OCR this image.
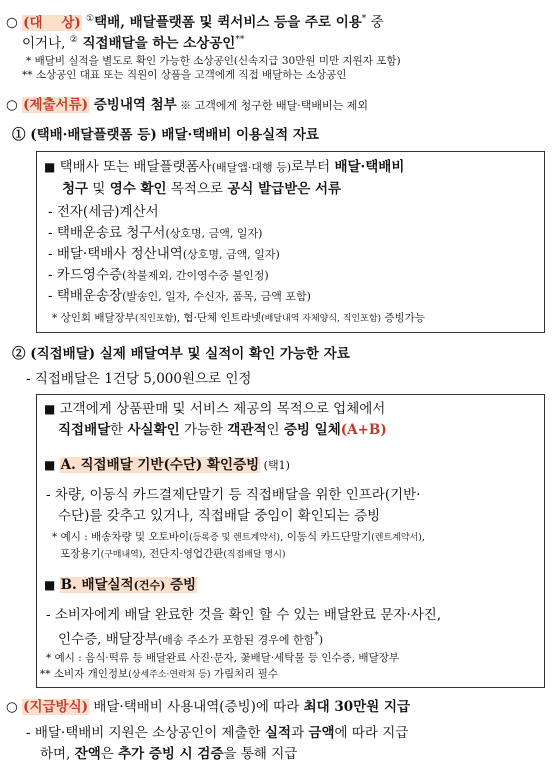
○ (대    상) ①택배, 배달플랫폼 및 퀵서비스 등을 주로 이용* 중
이거나, ② 직접배달을 하는 소상공인**
* 배달비 실적을 별도로 확인 가능한 소상공인(신속지급 30만원 미만 지원자 포함)
** 소상공인 대표 또는 직원이 상품을 고객에게 직접 배달하는 소상공인
○ (제출서류) 증빙내역 첨부 ※ 고객에게 청구한 배달·택배비는 제외
① (택배·배달플랫폼 등) 배달·택배비 이용실적 자료
■ 택배사 또는 배달플랫폼사(배달앱·대행 등)로부터 배달·택배비
청구 및 영수 확인 목적으로 공식 발급받은 서류
- 전자(세금)계산서
- 택배운송료 청구서(상호명, 금액, 일자)
- 배달·택배사 정산내역(상호명, 금액, 일자)
- 카드영수증(착불제외, 간이영수증 불인정)
- 택배운송장(발송인, 일자, 수신자, 품목, 금액 포함)
* 상인회 배달장부(직인포함), 협·단체 인트라넷(배달내역 자체양식, 직인포함) 증빙가능
② (직접배달) 실제 배달여부 및 실적이 확인 가능한 자료
- 직접배달은 1건당 5,000원으로 인정
■ 고객에게 상품판매 및 서비스 제공의 목적으로 업체에서
직접배달한 사실확인 가능한 객관적인 증빙 일체(A+B)
■ A. 직접배달 기반(수단) 확인증빙 (택1)
- 차량, 이동식 카드결제단말기 등 직접배달을 위한 인프라(기반·
수단)를 갖추고 있거나, 직접배달 중임이 확인되는 증빙
* 예시 : 배송차량 및 오토바이(등록증 및 렌트계약서), 이동식 카드단말기(렌트계약서),
포장용기(구매내역), 전단지·영업간판(직접배달 명시)
■ B. 배달실적(건수) 증빙
- 소비자에게 배달 완료한 것을 확인 할 수 있는 배달완료 문자·사진,
인수증, 배달장부(배송 주소가 포함된 경우에 한함*)
* 예시 : 음식·떡류 등 배달완료 사진·문자, 꽃배달·세탁물 등 인수증, 배달장부
** 소비자 개인정보(상세주소·연락처 등) 가림처리 필수
○ (지급방식) 배달·택배비 사용내역(증빙)에 따라 최대 30만원 지급
- 배달·택배비 지원은 소상공인이 제출한 실적과 금액에 따라 지급
하며, 잔액은 추가 증빙 시 검증을 통해 지급
